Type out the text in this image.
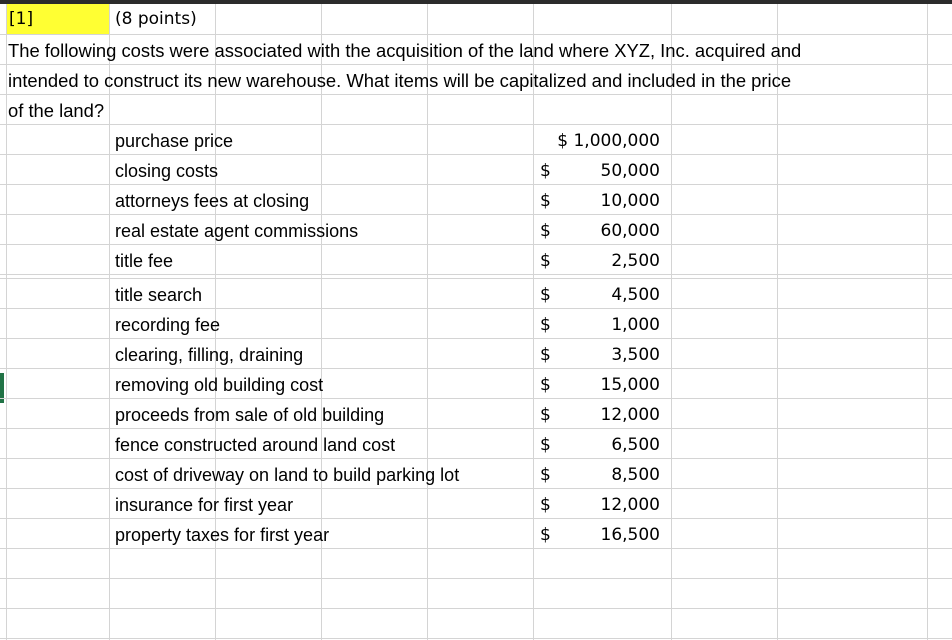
[1]	(8 points)
The following costs were associated with the acquisition of the land where XYZ, Inc. acquired and
intended to construct its new warehouse. What items will be capitalized and included in the price
of the land?
purchase price	$ 1,000,000
closing costs	$	50,000
attorneys fees at closing	$	10,000
real estate agent commissions	$	60,000
title fee	$	2,500
title search	$	4,500
recording fee	$	1,000
clearing, filling, draining	$	3,500
removing old building cost	$	15,000
proceeds from sale of old building	$	12,000
fence constructed around land cost	$	6,500
cost of driveway on land to build parking lot	$	8,500
insurance for first year	$	12,000
property taxes for first year	$	16,500
